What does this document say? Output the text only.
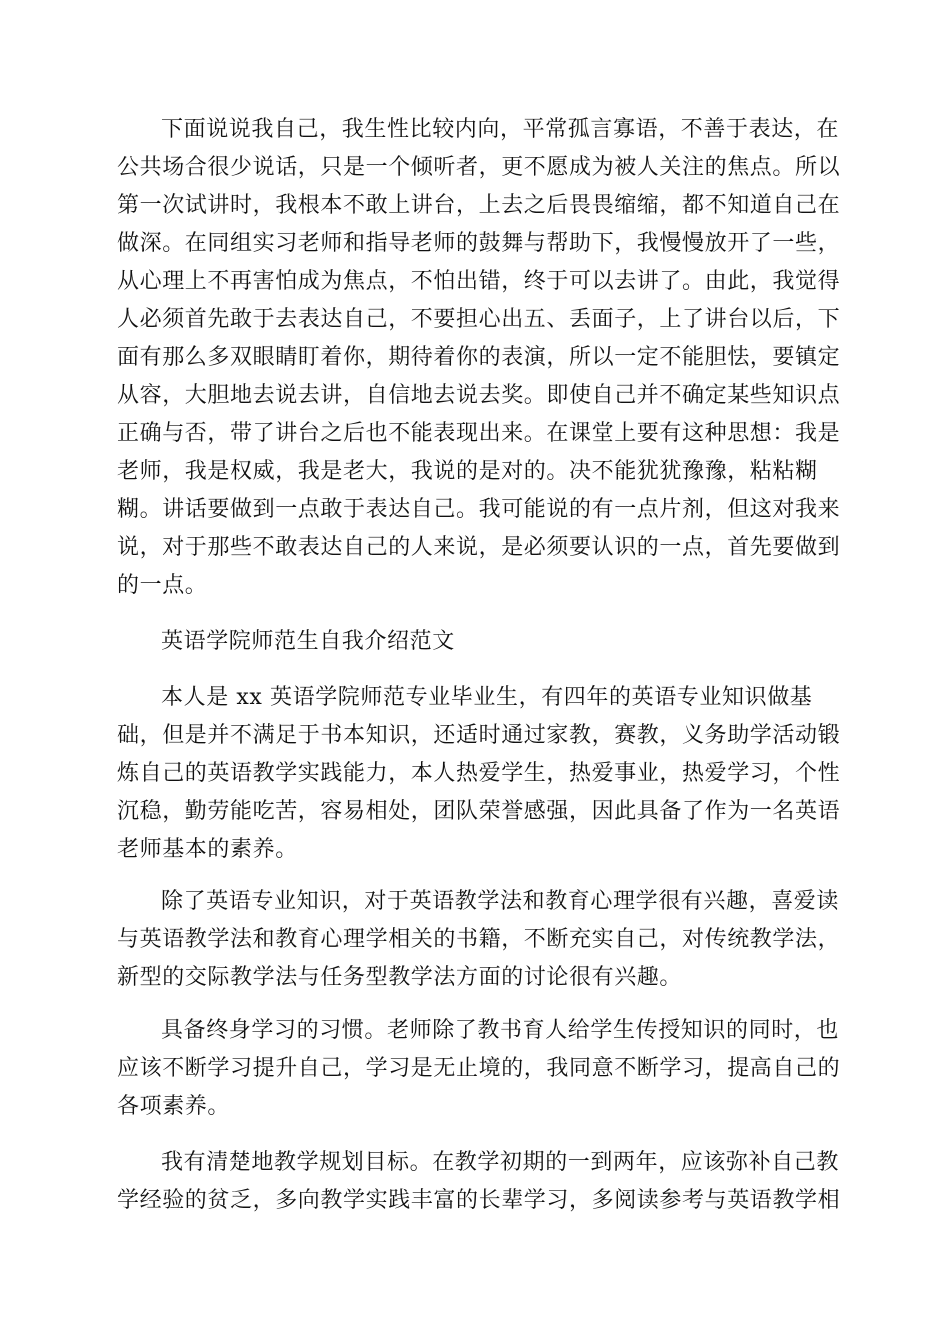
下面说说我自己，我生性比较内向，平常孤言寡语，不善于表达，在
公共场合很少说话，只是一个倾听者，更不愿成为被人关注的焦点。所以
第一次试讲时，我根本不敢上讲台，上去之后畏畏缩缩，都不知道自己在
做深。在同组实习老师和指导老师的鼓舞与帮助下，我慢慢放开了一些，
从心理上不再害怕成为焦点，不怕出错，终于可以去讲了。由此，我觉得
人必须首先敢于去表达自己，不要担心出五、丢面子，上了讲台以后，下
面有那么多双眼睛盯着你，期待着你的表演，所以一定不能胆怯，要镇定
从容，大胆地去说去讲，自信地去说去奖。即使自己并不确定某些知识点
正确与否，带了讲台之后也不能表现出来。在课堂上要有这种思想：我是
老师，我是权威，我是老大，我说的是对的。决不能犹犹豫豫，粘粘糊
糊。讲话要做到一点敢于表达自己。我可能说的有一点片剂，但这对我来
说，对于那些不敢表达自己的人来说，是必须要认识的一点，首先要做到
的一点。
英语学院师范生自我介绍范文
本人是 xx 英语学院师范专业毕业生，有四年的英语专业知识做基
础，但是并不满足于书本知识，还适时通过家教，赛教，义务助学活动锻
炼自己的英语教学实践能力，本人热爱学生，热爱事业，热爱学习，个性
沉稳，勤劳能吃苦，容易相处，团队荣誉感强，因此具备了作为一名英语
老师基本的素养。
除了英语专业知识，对于英语教学法和教育心理学很有兴趣，喜爱读
与英语教学法和教育心理学相关的书籍，不断充实自己，对传统教学法，
新型的交际教学法与任务型教学法方面的讨论很有兴趣。
具备终身学习的习惯。老师除了教书育人给学生传授知识的同时，也
应该不断学习提升自己，学习是无止境的，我同意不断学习，提高自己的
各项素养。
我有清楚地教学规划目标。在教学初期的一到两年，应该弥补自己教
学经验的贫乏，多向教学实践丰富的长辈学习，多阅读参考与英语教学相
